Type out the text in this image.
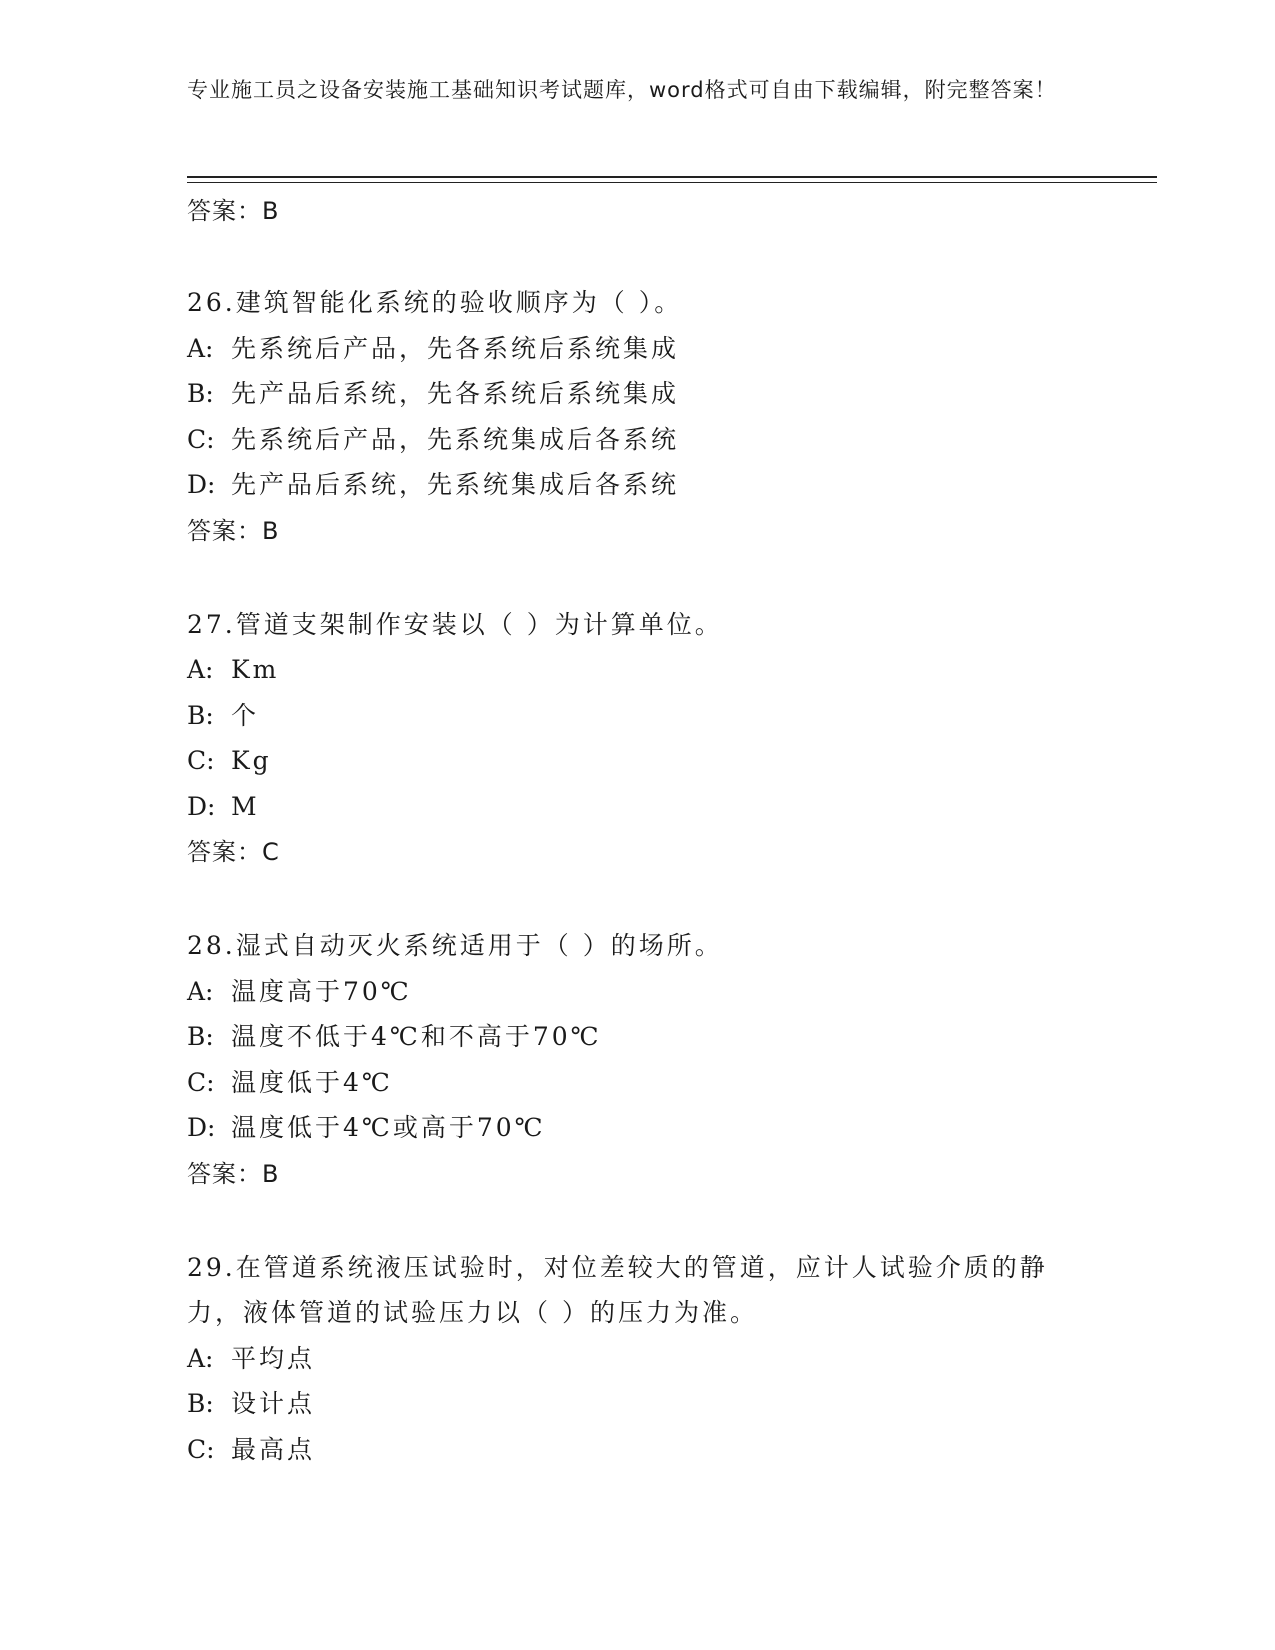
专业施工员之设备安装施工基础知识考试题库，word格式可自由下载编辑，附完整答案！
答案：B
26.建筑智能化系统的验收顺序为（ ）。
A: 先系统后产品，先各系统后系统集成
B: 先产品后系统，先各系统后系统集成
C: 先系统后产品，先系统集成后各系统
D: 先产品后系统，先系统集成后各系统
答案：B
27.管道支架制作安装以（ ）为计算单位。
A: Km
B: 个
C: Kg
D: M
答案：C
28.湿式自动灭火系统适用于（ ）的场所。
A: 温度高于70℃
B: 温度不低于4℃和不高于70℃
C: 温度低于4℃
D: 温度低于4℃或高于70℃
答案：B
29.在管道系统液压试验时，对位差较大的管道，应计人试验介质的静力，液体管道的试验压力以（ ）的压力为准。
A: 平均点
B: 设计点
C: 最高点
